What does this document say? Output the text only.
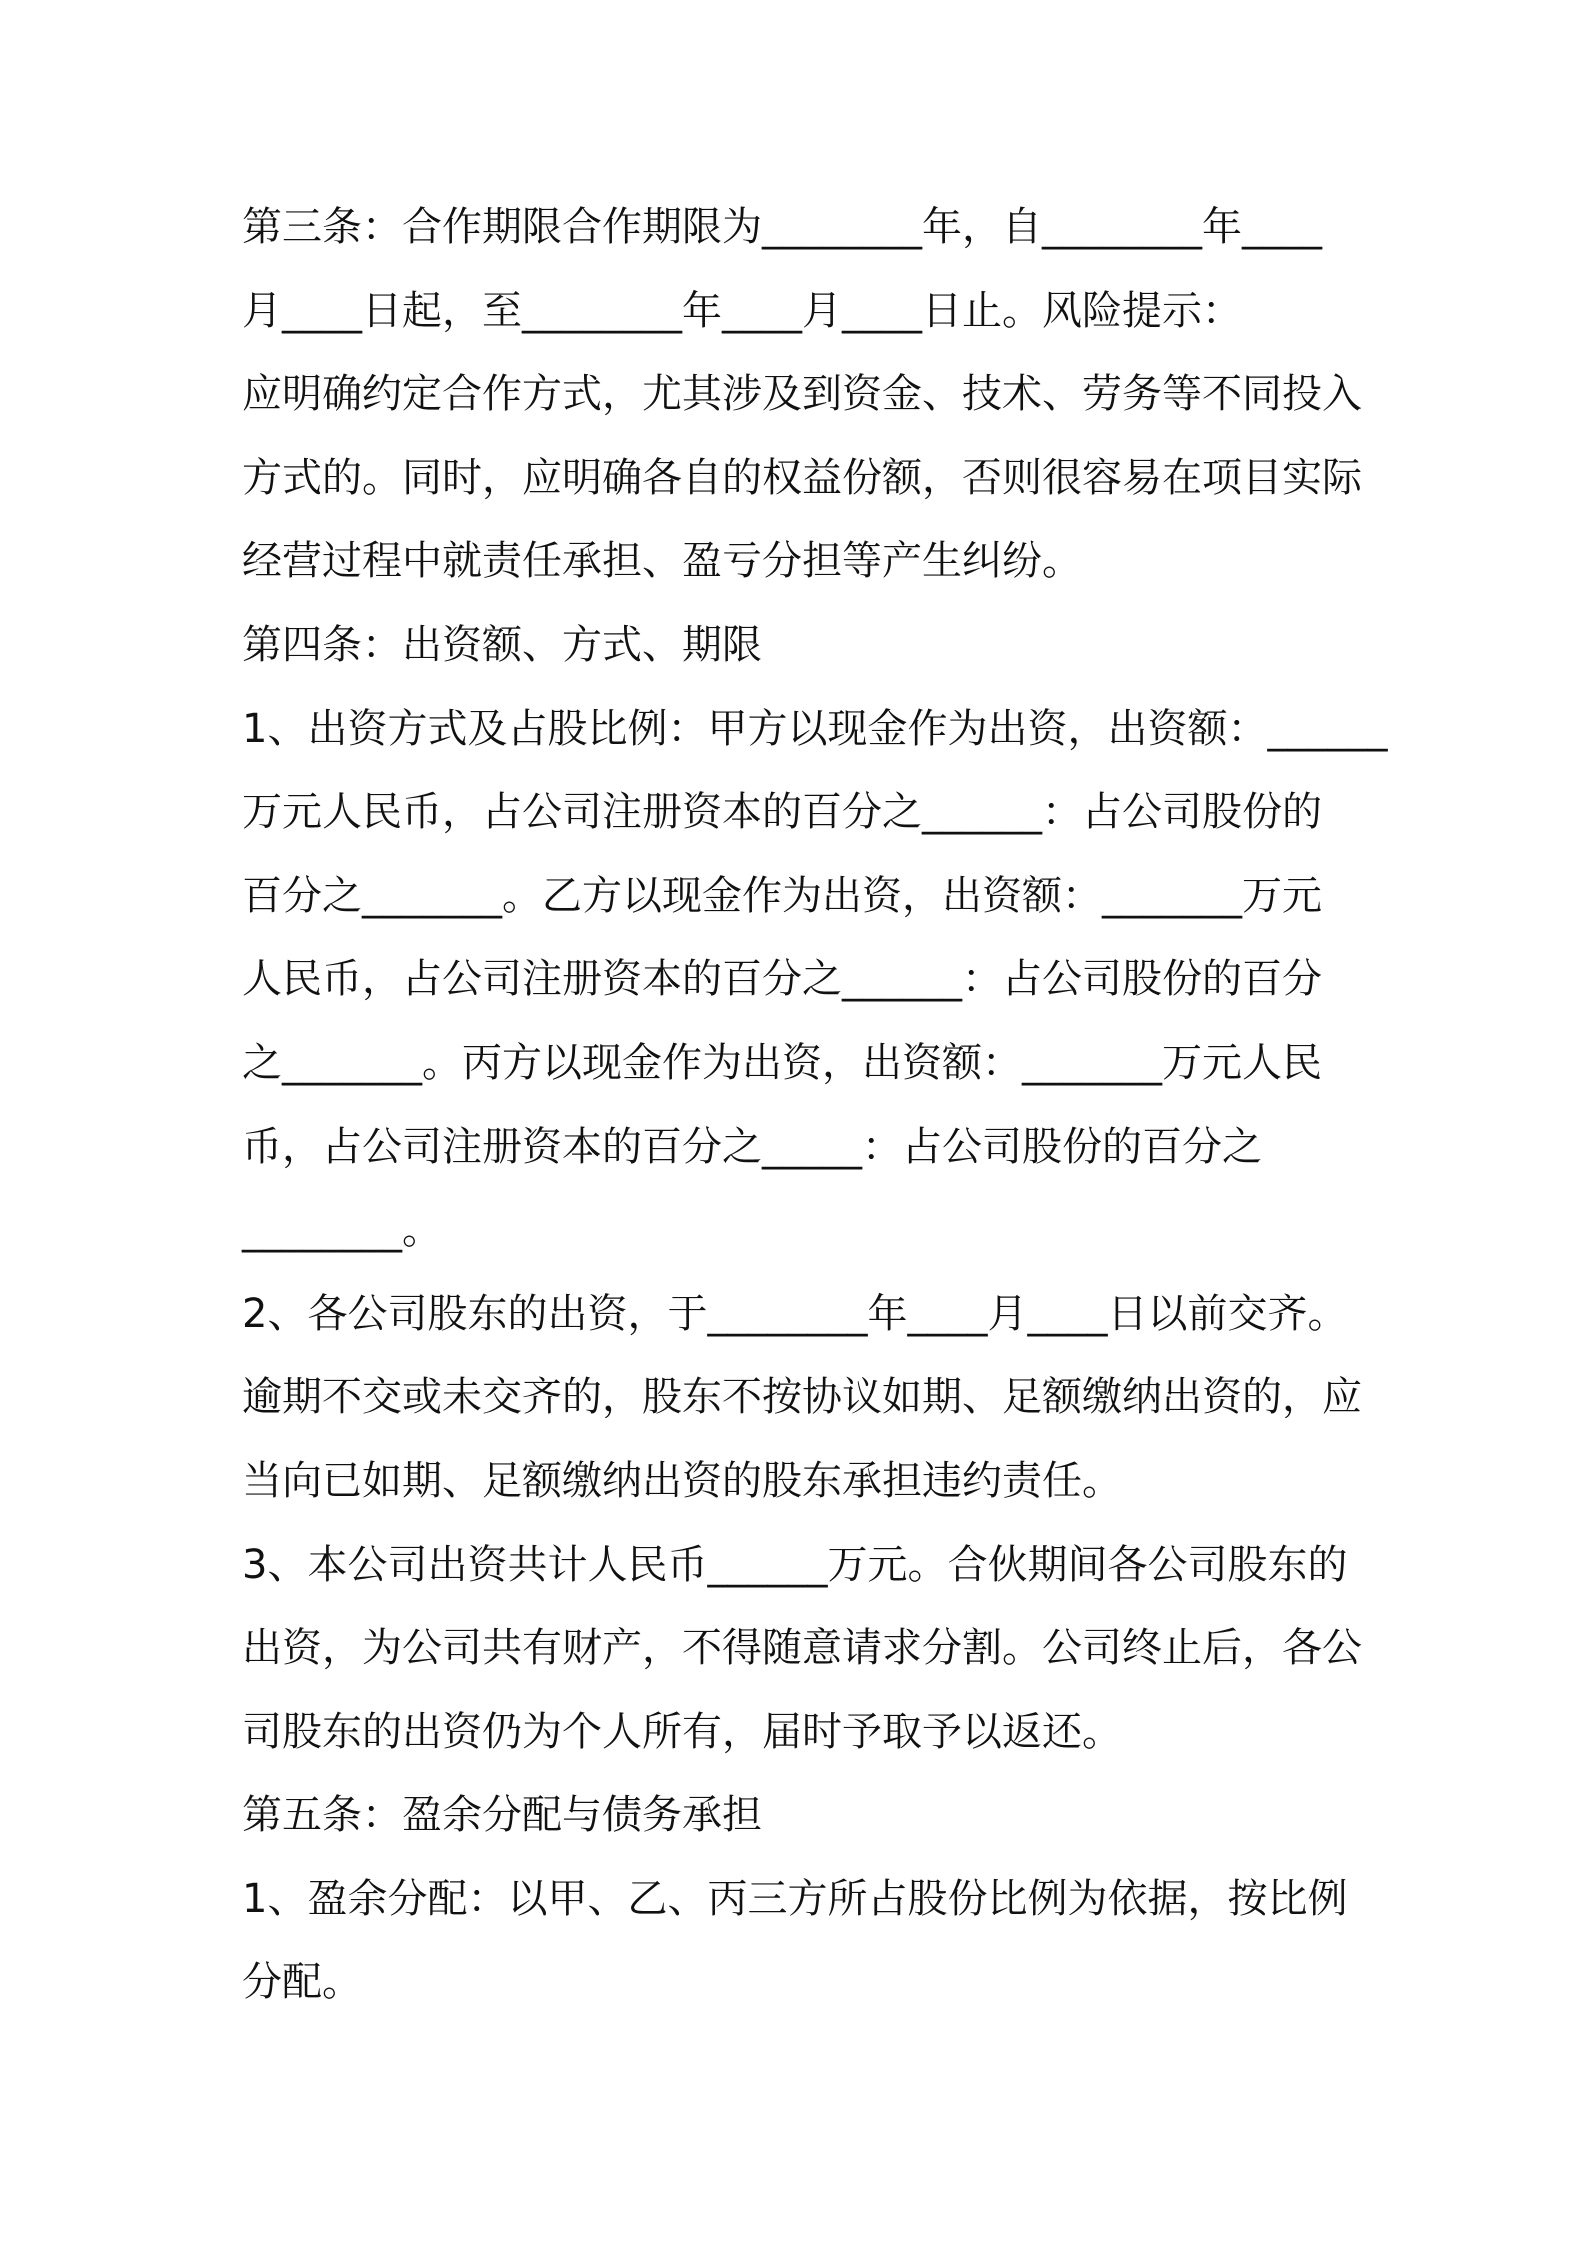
第三条：合作期限合作期限为________年，自________年____
月____日起，至________年____月____日止。风险提示：
应明确约定合作方式，尤其涉及到资金、技术、劳务等不同投入
方式的。同时，应明确各自的权益份额，否则很容易在项目实际
经营过程中就责任承担、盈亏分担等产生纠纷。
第四条：出资额、方式、期限
1、出资方式及占股比例：甲方以现金作为出资，出资额：______
万元人民币，占公司注册资本的百分之______：占公司股份的
百分之_______。乙方以现金作为出资，出资额：_______万元
人民币，占公司注册资本的百分之______：占公司股份的百分
之_______。丙方以现金作为出资，出资额：_______万元人民
币，占公司注册资本的百分之_____：占公司股份的百分之
________。
2、各公司股东的出资，于________年____月____日以前交齐。
逾期不交或未交齐的，股东不按协议如期、足额缴纳出资的，应
当向已如期、足额缴纳出资的股东承担违约责任。
3、本公司出资共计人民币______万元。合伙期间各公司股东的
出资，为公司共有财产，不得随意请求分割。公司终止后，各公
司股东的出资仍为个人所有，届时予取予以返还。
第五条：盈余分配与债务承担
1、盈余分配：以甲、乙、丙三方所占股份比例为依据，按比例
分配。
